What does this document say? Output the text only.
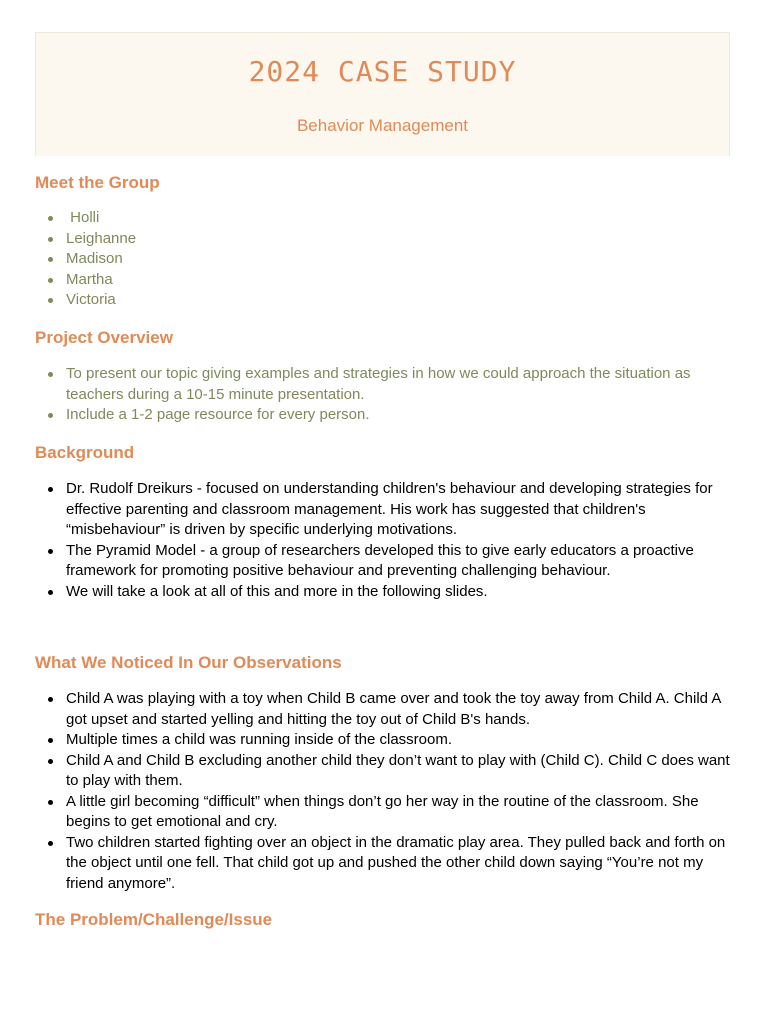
2024 CASE STUDY

Behavior Management

Meet the Group
Holli
Leighanne
Madison
Martha
Victoria
Project Overview
To present our topic giving examples and strategies in how we could approach the situation as teachers during a 10-15 minute presentation.
Include a 1-2 page resource for every person.
Background
Dr. Rudolf Dreikurs - focused on understanding children's behaviour and developing strategies for effective parenting and classroom management. His work has suggested that children's “misbehaviour” is driven by specific underlying motivations.
The Pyramid Model - a group of researchers developed this to give early educators a proactive framework for promoting positive behaviour and preventing challenging behaviour.
We will take a look at all of this and more in the following slides.
What We Noticed In Our Observations
Child A was playing with a toy when Child B came over and took the toy away from Child A. Child A got upset and started yelling and hitting the toy out of Child B's hands.
Multiple times a child was running inside of the classroom.
Child A and Child B excluding another child they don’t want to play with (Child C). Child C does want to play with them.
A little girl becoming “difficult” when things don’t go her way in the routine of the classroom. She begins to get emotional and cry.
Two children started fighting over an object in the dramatic play area. They pulled back and forth on the object until one fell. That child got up and pushed the other child down saying “You’re not my friend anymore”.
The Problem/Challenge/Issue
